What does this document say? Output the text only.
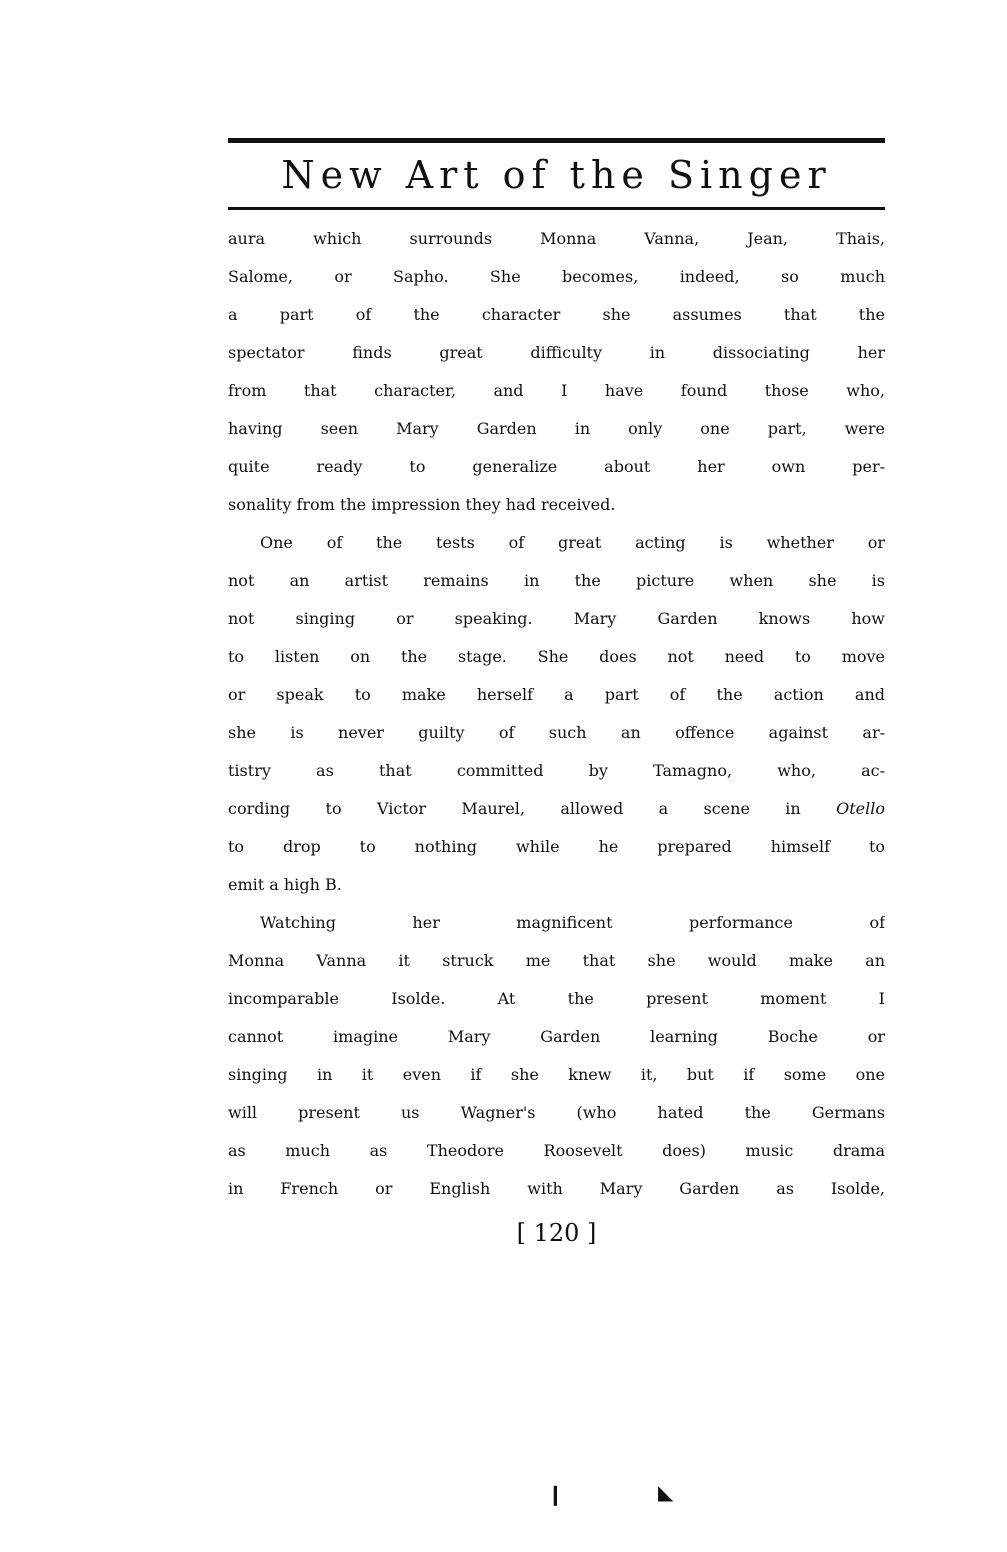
New Art of the Singer
aura which surrounds Monna Vanna, Jean, Thais,
Salome, or Sapho. She becomes, indeed, so much
a part of the character she assumes that the
spectator finds great difficulty in dissociating her
from that character, and I have found those who,
having seen Mary Garden in only one part, were
quite ready to generalize about her own per-
sonality from the impression they had received.
One of the tests of great acting is whether or
not an artist remains in the picture when she is
not singing or speaking. Mary Garden knows how
to listen on the stage. She does not need to move
or speak to make herself a part of the action and
she is never guilty of such an offence against ar-
tistry as that committed by Tamagno, who, ac-
cording to Victor Maurel, allowed a scene in Otello
to drop to nothing while he prepared himself to
emit a high B.
Watching her magnificent performance of
Monna Vanna it struck me that she would make an
incomparable Isolde. At the present moment I
cannot imagine Mary Garden learning Boche or
singing in it even if she knew it, but if some one
will present us Wagner's (who hated the Germans
as much as Theodore Roosevelt does) music drama
in French or English with Mary Garden as Isolde,
[ 120 ]
❙	◣
